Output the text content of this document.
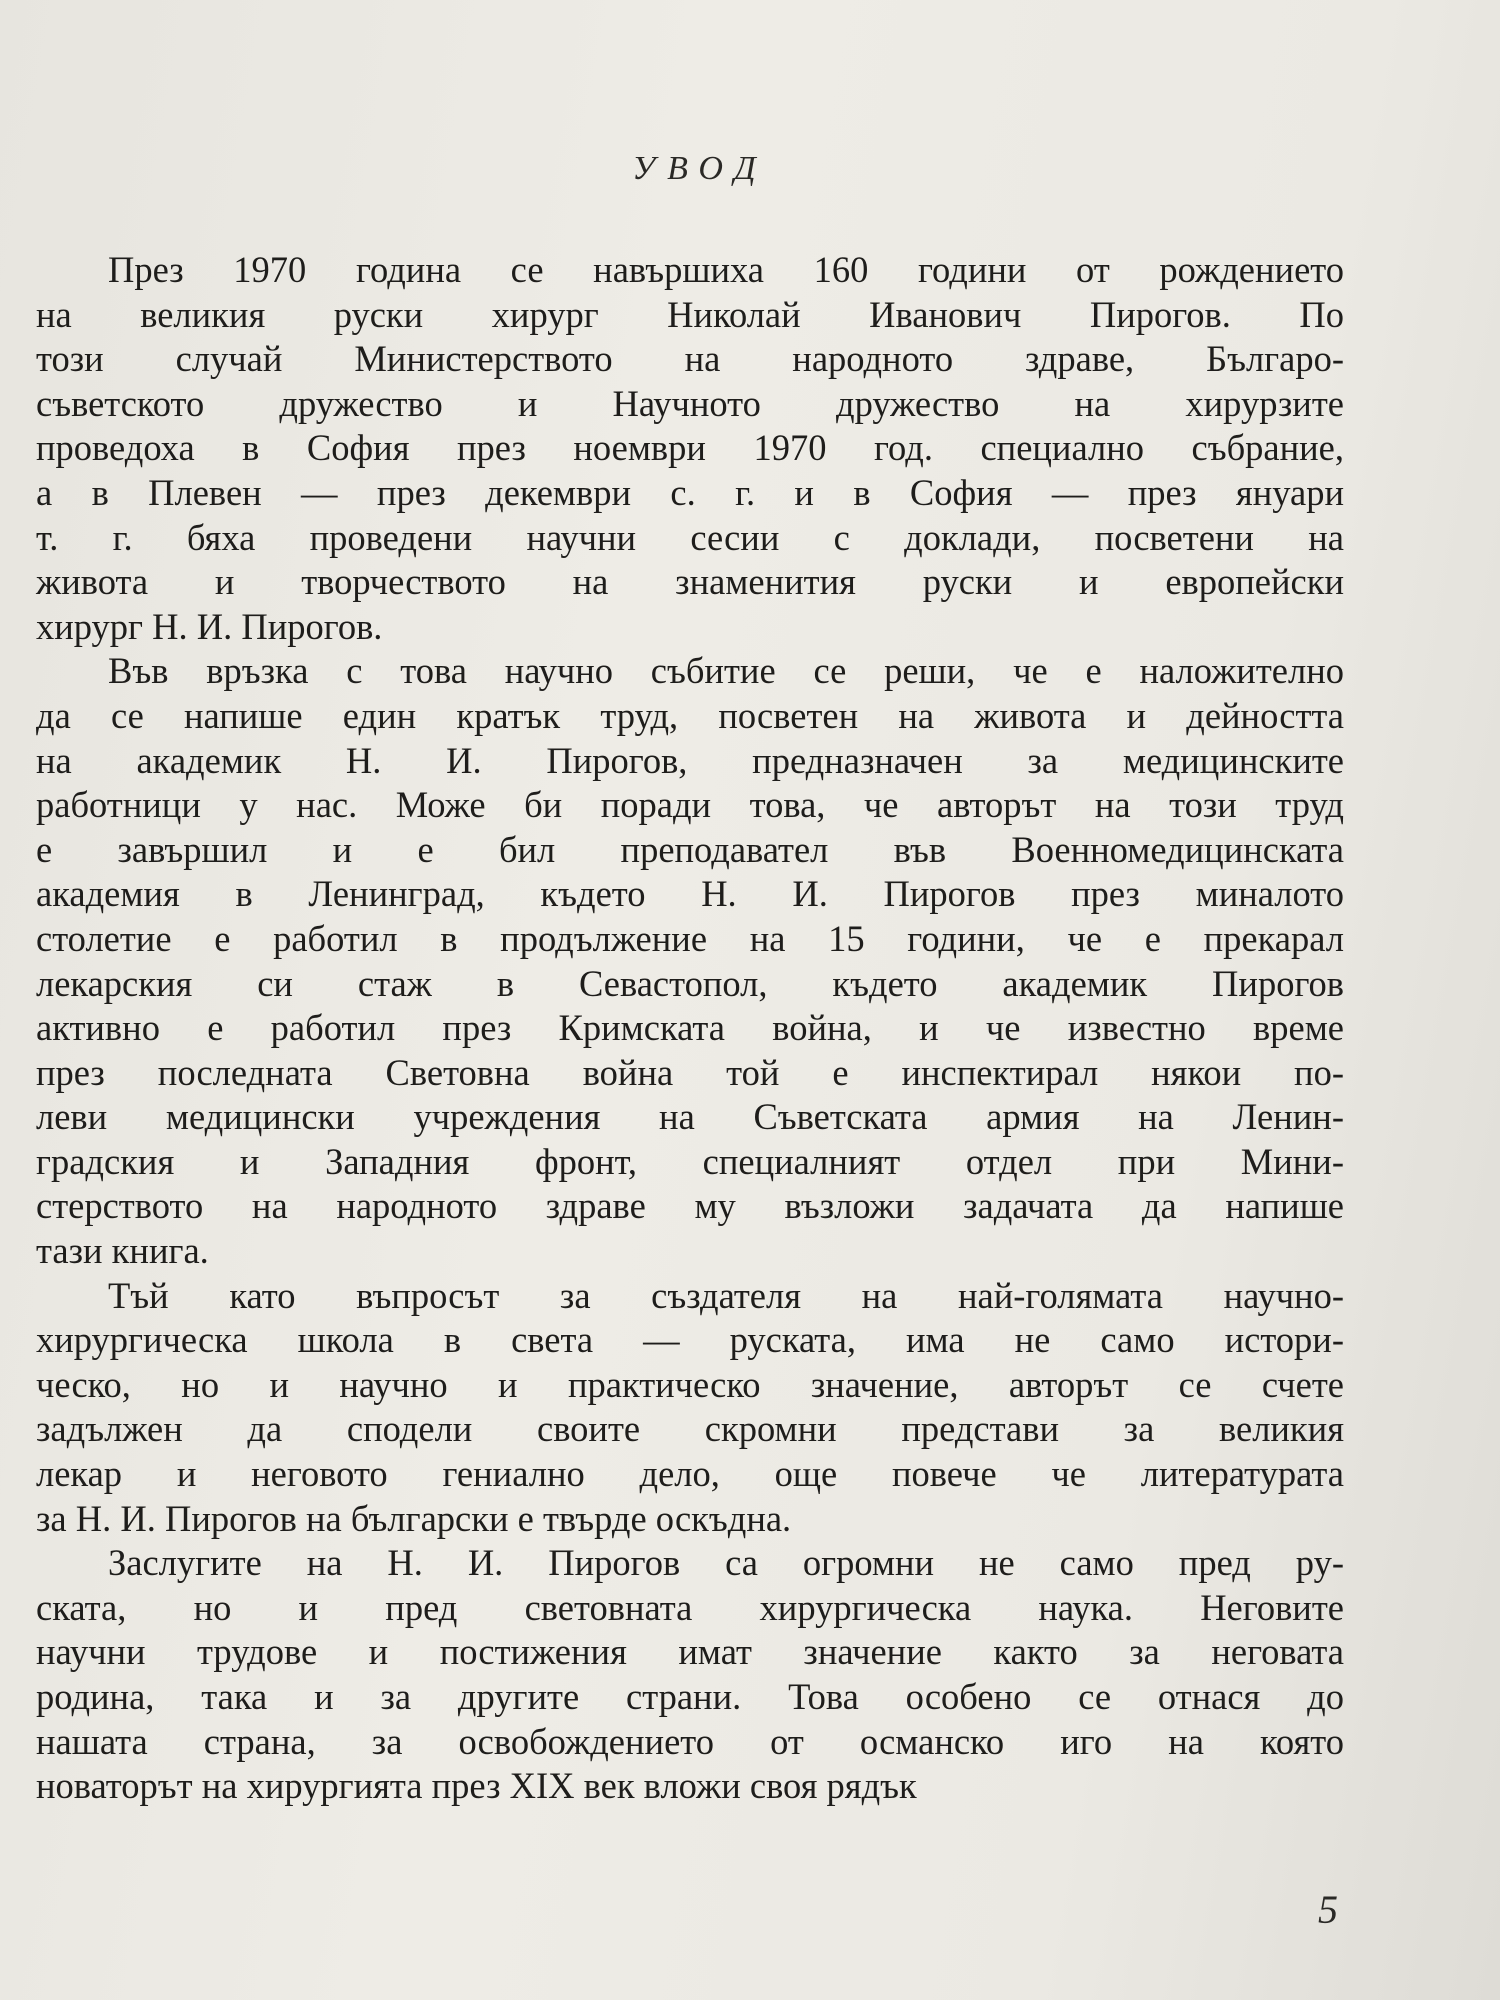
УВОД
През 1970 година се навършиха 160 години от рождението
на великия руски хирург Николай Иванович Пирогов. По
този случай Министерството на народното здраве, Българо-
съветското дружество и Научното дружество на хирурзите
проведоха в София през ноември 1970 год. специално събрание,
а в Плевен — през декември с. г. и в София — през януари
т. г. бяха проведени научни сесии с доклади, посветени на
живота и творчеството на знаменития руски и европейски
хирург Н. И. Пирогов.
Във връзка с това научно събитие се реши, че е наложително
да се напише един кратък труд, посветен на живота и дейността
на академик Н. И. Пирогов, предназначен за медицинските
работници у нас. Може би поради това, че авторът на този труд
е завършил и е бил преподавател във Военномедицинската
академия в Ленинград, където Н. И. Пирогов през миналото
столетие е работил в продължение на 15 години, че е прекарал
лекарския си стаж в Севастопол, където академик Пирогов
активно е работил през Кримската война, и че известно време
през последната Световна война той е инспектирал някои по-
леви медицински учреждения на Съветската армия на Ленин-
градския и Западния фронт, специалният отдел при Мини-
стерството на народното здраве му възложи задачата да напише
тази книга.
Тъй като въпросът за създателя на най-голямата научно-
хирургическа школа в света — руската, има не само истори-
ческо, но и научно и практическо значение, авторът се счете
задължен да сподели своите скромни представи за великия
лекар и неговото гениално дело, още повече че литературата
за Н. И. Пирогов на български е твърде оскъдна.
Заслугите на Н. И. Пирогов са огромни не само пред ру-
ската, но и пред световната хирургическа наука. Неговите
научни трудове и постижения имат значение както за неговата
родина, така и за другите страни. Това особено се отнася до
нашата страна, за освобождението от османско иго на която
новаторът на хирургията през XIX век вложи своя рядък
5
